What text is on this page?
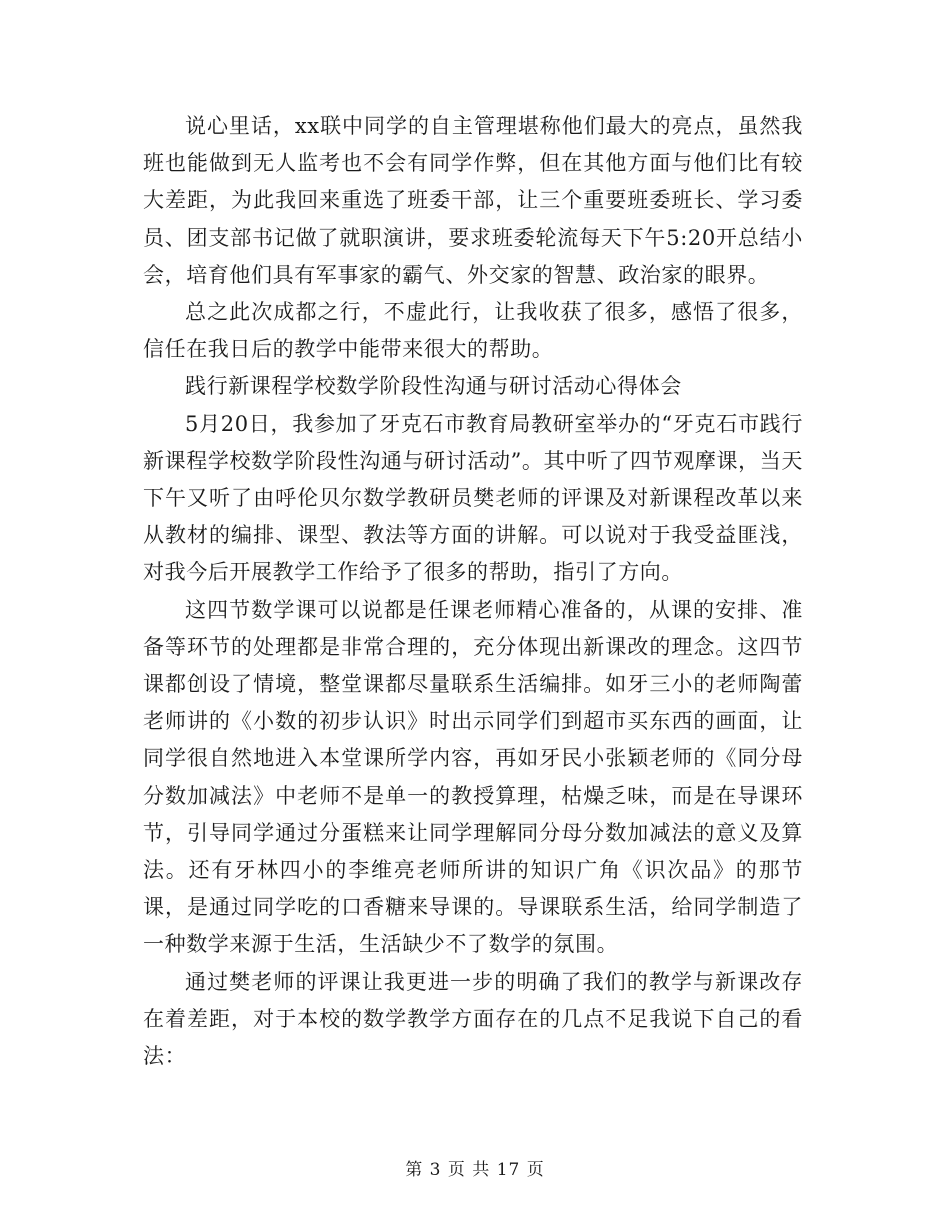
说心里话，xx联中同学的自主管理堪称他们最大的亮点，虽然我班也能做到无人监考也不会有同学作弊，但在其他方面与他们比有较大差距，为此我回来重选了班委干部，让三个重要班委班长、学习委员、团支部书记做了就职演讲，要求班委轮流每天下午5:20开总结小会，培育他们具有军事家的霸气、外交家的智慧、政治家的眼界。

总之此次成都之行，不虚此行，让我收获了很多，感悟了很多，信任在我日后的教学中能带来很大的帮助。

践行新课程学校数学阶段性沟通与研讨活动心得体会

5月20日，我参加了牙克石市教育局教研室举办的“牙克石市践行新课程学校数学阶段性沟通与研讨活动”。其中听了四节观摩课，当天下午又听了由呼伦贝尔数学教研员樊老师的评课及对新课程改革以来从教材的编排、课型、教法等方面的讲解。可以说对于我受益匪浅，对我今后开展教学工作给予了很多的帮助，指引了方向。

这四节数学课可以说都是任课老师精心准备的，从课的安排、准备等环节的处理都是非常合理的，充分体现出新课改的理念。这四节课都创设了情境，整堂课都尽量联系生活编排。如牙三小的老师陶蕾老师讲的《小数的初步认识》时出示同学们到超市买东西的画面，让同学很自然地进入本堂课所学内容，再如牙民小张颖老师的《同分母分数加减法》中老师不是单一的教授算理，枯燥乏味，而是在导课环节，引导同学通过分蛋糕来让同学理解同分母分数加减法的意义及算法。还有牙林四小的李维亮老师所讲的知识广角《识次品》的那节课，是通过同学吃的口香糖来导课的。导课联系生活，给同学制造了一种数学来源于生活，生活缺少不了数学的氛围。

通过樊老师的评课让我更进一步的明确了我们的教学与新课改存在着差距，对于本校的数学教学方面存在的几点不足我说下自己的看法：

第 3 页 共 17 页
